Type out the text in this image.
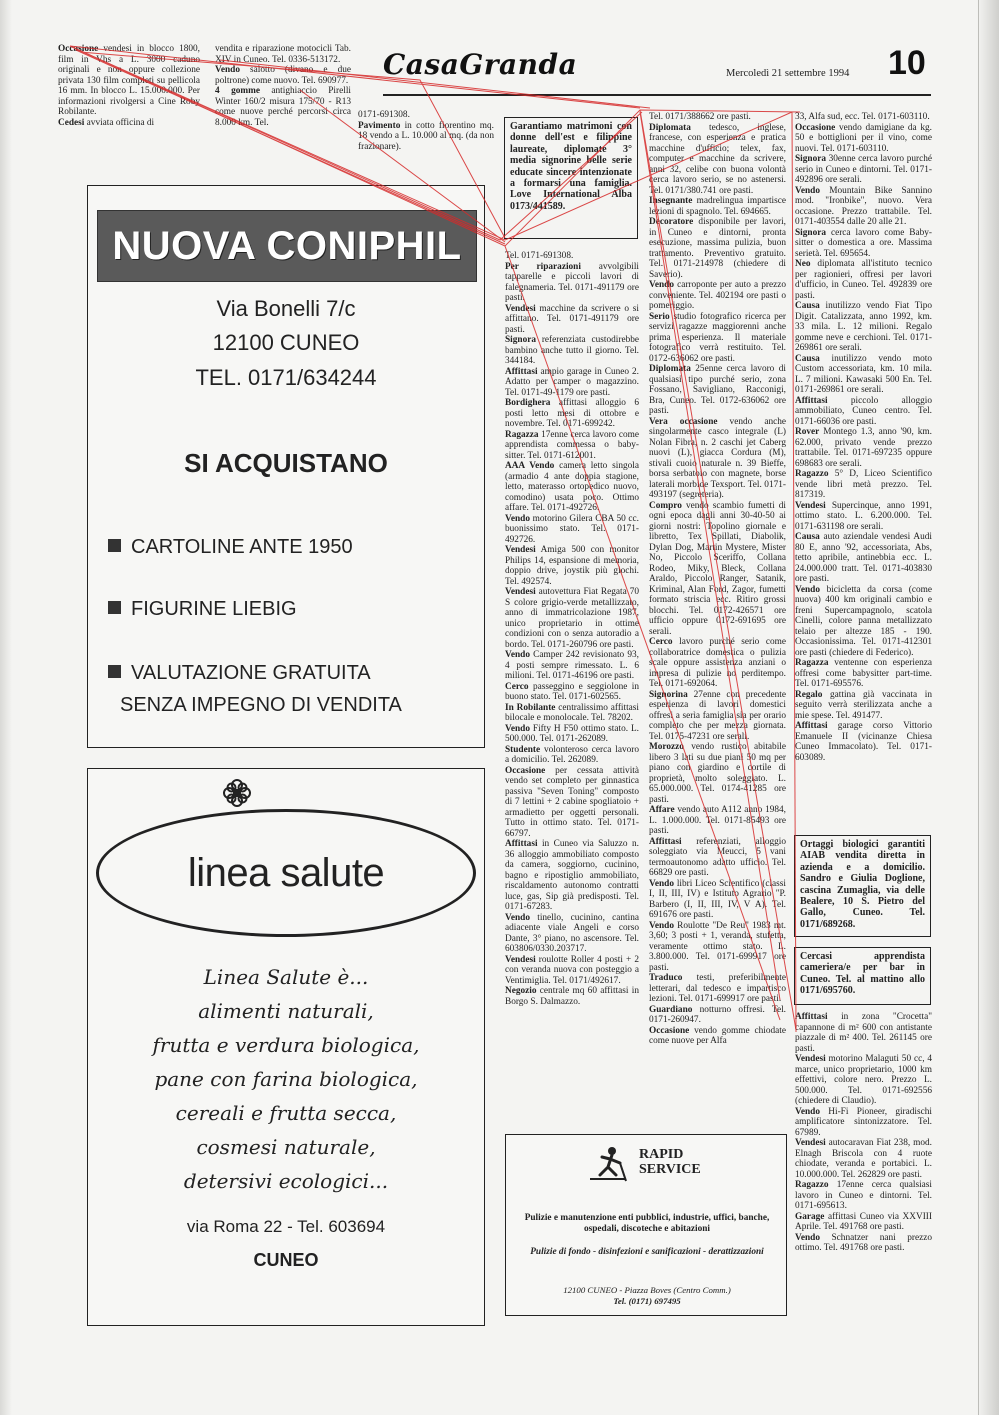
Occasione vendesi in blocco 1800, film in Vhs a L. 3000 caduno originali e non oppure collezione privata 130 film completi su pellicola 16 mm. In blocco L. 15.000.000. Per informazioni rivolgersi a Cine Roby Robilante.

Cedesi avviata officina di

vendita e riparazione motocicli Tab. XIV in Cuneo. Tel. 0336-513172.

Vendo salotto (divano e due poltrone) come nuovo. Tel. 690977.

4 gomme antighiaccio Pirelli Winter 160/2 misura 175/70 - R13 come nuove perché percorsi circa 8.000 km. Tel.

0171-691308.

Pavimento in cotto fiorentino mq. 18 vendo a L. 10.000 al mq. (da non frazionare).

CasaGranda	Mercoledì 21 settembre 1994 10
NUOVA CONIPHIL
Via Bonelli 7/c
12100 CUNEO
TEL. 0171/634244
SI ACQUISTANO
CARTOLINE ANTE 1950
FIGURINE LIEBIG
VALUTAZIONE GRATUITA
SENZA IMPEGNO DI VENDITA
linea salute
Linea Salute è...
alimenti naturali,
frutta e verdura biologica,
pane con farina biologica,
cereali e frutta secca,
cosmesi naturale,
detersivi ecologici...
via Roma 22 - Tel. 603694
CUNEO
Garantiamo matrimoni con donne dell'est e filippine laureate, diplomate 3° media signorine belle serie educate sincere intenzionate a formarsi una famiglia. Love International Alba 0173/441589.

Tel. 0171-691308.

Per riparazioni avvolgibili tapparelle e piccoli lavori di falegnameria. Tel. 0171-491179 ore pasti.

Vendesi macchine da scrivere o si affittano. Tel. 0171-491179 ore pasti.

Signora referenziata custodirebbe bambino anche tutto il giorno. Tel. 344184.

Affittasi ampio garage in Cuneo 2. Adatto per camper o magazzino. Tel. 0171-49-1179 ore pasti.

Bordighera affittasi alloggio 6 posti letto mesi di ottobre e novembre. Tel. 0171-699242.

Ragazza 17enne cerca lavoro come apprendista commessa o baby-sitter. Tel. 0171-612001.

AAA Vendo camera letto singola (armadio 4 ante doppia stagione, letto, materasso ortopedico nuovo, comodino) usata poco. Ottimo affare. Tel. 0171-492726.

Vendo motorino Gilera CBA 50 cc. buonissimo stato. Tel. 0171-492726.

Vendesi Amiga 500 con monitor Philips 14, espansione di memoria, doppio drive, joystik più giochi. Tel. 492574.

Vendesi autovettura Fiat Regata 70 S colore grigio-verde metallizzato, anno di immatricolazione 1987, unico proprietario in ottime condizioni con o senza autoradio a bordo. Tel. 0171-260796 ore pasti.

Vendo Camper 242 revisionato 93, 4 posti sempre rimessato. L. 6 milioni. Tel. 0171-46196 ore pasti.

Cerco passeggino e seggiolone in buono stato. Tel. 0171-602565.

In Robilante centralissimo affittasi bilocale e monolocale. Tel. 78202.

Vendo Fifty H F50 ottimo stato. L. 500.000. Tel. 0171-262089.

Studente volonteroso cerca lavoro a domicilio. Tel. 262089.

Occasione per cessata attività vendo set completo per ginnastica passiva "Seven Toning" composto di 7 lettini + 2 cabine spogliatoio + armadietto per oggetti personali. Tutto in ottimo stato. Tel. 0171-66797.

Affittasi in Cuneo via Saluzzo n. 36 alloggio ammobiliato composto da camera, soggiorno, cucinino, bagno e ripostiglio ammobiliato, riscaldamento autonomo contratti luce, gas, Sip già predisposti. Tel. 0171-67283.

Vendo tinello, cucinino, cantina adiacente viale Angeli e corso Dante, 3° piano, no ascensore. Tel. 603806/0330.203717.

Vendesi roulotte Roller 4 posti + 2 con veranda nuova con posteggio a Ventimiglia. Tel. 0171/492617.

Negozio centrale mq 60 affittasi in Borgo S. Dalmazzo.

Tel. 0171/388662 ore pasti.

Diplomata tedesco, inglese, francese, con esperienza e pratica macchine d'ufficio; telex, fax, computer e macchine da scrivere, anni 32, celibe con buona volontà cerca lavoro serio, se no astenersi. Tel. 0171/380.741 ore pasti.

Insegnante madrelingua impartisce lezioni di spagnolo. Tel. 694665.

Decoratore disponibile per lavori, in Cuneo e dintorni, pronta esecuzione, massima pulizia, buon trattamento. Preventivo gratuito. Tel. 0171-214978 (chiedere di Saverio).

Vendo carroponte per auto a prezzo conveniente. Tel. 402194 ore pasti o pomeriggio.

Serio studio fotografico ricerca per servizi ragazze maggiorenni anche prima esperienza. Il materiale fotografico verrà restituito. Tel. 0172-636062 ore pasti.

Diplomata 25enne cerca lavoro di qualsiasi tipo purché serio, zona Fossano, Savigliano, Racconigi, Bra, Cuneo. Tel. 0172-636062 ore pasti.

Vera occasione vendo anche singolarmente casco integrale (L) Nolan Fibra, n. 2 caschi jet Caberg nuovi (L), giacca Cordura (M), stivali cuoio naturale n. 39 Bieffe, borsa serbatoio con magnete, borse laterali morbide Texsport. Tel. 0171-493197 (segreteria).

Compro vendo scambio fumetti di ogni epoca dagli anni 30-40-50 ai giorni nostri: Topolino giornale e libretto, Tex Spillati, Diabolik, Dylan Dog, Martin Mystere, Mister No, Piccolo Sceriffo, Collana Rodeo, Miky, Bleck, Collana Araldo, Piccolo Ranger, Satanik, Kriminal, Alan Ford, Zagor, fumetti formato striscia ecc. Ritiro grossi blocchi. Tel. 0172-426571 ore ufficio oppure 0172-691695 ore serali.

Cerco lavoro purché serio come collaboratrice domestica o pulizia scale oppure assistenza anziani o impresa di pulizie no perditempo. Tel. 0171-692064.

Signorina 27enne con precedente esperienza di lavori domestici offresi a serìa famiglia sia per orario completo che per mezza giornata. Tel. 0175-47231 ore serali.

Morozzo vendo rustico abitabile libero 3 lati su due piani 50 mq per piano con giardino e cortile di proprietà, molto soleggiato. L. 65.000.000. Tel. 0174-41285 ore pasti.

Affare vendo auto A112 anno 1984, L. 1.000.000. Tel. 0171-85493 ore pasti.

Affittasi referenziati, alloggio soleggiato via Meucci, 5 vani termoautonomo adatto ufficio. Tel. 66829 ore pasti.

Vendo libri Liceo Scientifico (classi I, II, III, IV) e Istituto Agrario "P. Barbero (I, II, III, IV, V A). Tel. 691676 ore pasti.

Vendo Roulotte "De Reu" 1983 mt. 3,60; 3 posti + 1, veranda, stufetta, veramente ottimo stato. L. 3.800.000. Tel. 0171-699917 ore pasti.

Traduco testi, preferibilmente letterari, dal tedesco e impartisco lezioni. Tel. 0171-699917 ore pasti.

Guardiano notturno offresi. Tel. 0171-260947.

Occasione vendo gomme chiodate come nuove per Alfa

33, Alfa sud, ecc. Tel. 0171-603110.

Occasione vendo damigiane da kg. 50 e bottiglioni per il vino, come nuovi. Tel. 0171-603110.

Signora 30enne cerca lavoro purché serio in Cuneo e dintorni. Tel. 0171-492896 ore serali.

Vendo Mountain Bike Sannino mod. "Ironbike", nuovo. Vera occasione. Prezzo trattabile. Tel. 0171-403554 dalle 20 alle 21.

Signora cerca lavoro come Baby-sitter o domestica a ore. Massima serietà. Tel. 695654.

Neo diplomata all'istituto tecnico per ragionieri, offresi per lavori d'ufficio, in Cuneo. Tel. 492839 ore pasti.

Causa inutilizzo vendo Fiat Tipo Digit. Catalizzata, anno 1992, km. 33 mila. L. 12 milioni. Regalo gomme neve e cerchioni. Tel. 0171-269861 ore serali.

Causa inutilizzo vendo moto Custom accessoriata, km. 10 mila. L. 7 milioni. Kawasaki 500 En. Tel. 0171-269861 ore serali.

Affittasi piccolo alloggio ammobiliato, Cuneo centro. Tel. 0171-66036 ore pasti.

Rover Montego 1.3, anno '90, km. 62.000, privato vende prezzo trattabile. Tel. 0171-697235 oppure 698683 ore serali.

Ragazzo 5° D, Liceo Scientifico vende libri metà prezzo. Tel. 817319.

Vendesi Supercinque, anno 1991, ottimo stato. L. 6.200.000. Tel. 0171-631198 ore serali.

Causa auto aziendale vendesi Audi 80 E, anno '92, accessoriata, Abs, tetto apribile, antinebbia ecc. L. 24.000.000 tratt. Tel. 0171-403830 ore pasti.

Vendo bicicletta da corsa (come nuova) 400 km originali cambio e freni Supercampagnolo, scatola Cinelli, colore panna metallizzato telaio per altezze 185 - 190. Occasionissima. Tel. 0171-412301 ore pasti (chiedere di Federico).

Ragazza ventenne con esperienza offresi come babysitter part-time. Tel. 0171-695576.

Regalo gattina già vaccinata in seguito verrà sterilizzata anche a mie spese. Tel. 491477.

Affittasi garage corso Vittorio Emanuele II (vicinanze Chiesa Cuneo Immacolato). Tel. 0171-603089.

Ortaggi biologici garantiti AIAB vendita diretta in azienda e a domicilio. Sandro e Giulia Doglione, cascina Zumaglia, via delle Bealere, 10 S. Pietro del Gallo, Cuneo. Tel. 0171/689268.
Cercasi apprendista cameriera/e per bar in Cuneo. Tel. al mattino allo 0171/695760.

Affittasi in zona "Crocetta" capannone di m² 600 con antistante piazzale di m² 400. Tel. 261145 ore pasti.

Vendesi motorino Malaguti 50 cc, 4 marce, unico proprietario, 1000 km effettivi, colore nero. Prezzo L. 500.000. Tel. 0171-692556 (chiedere di Claudio).

Vendo Hi-Fi Pioneer, giradischi amplificatore sintonizzatore. Tel. 67989.

Vendesi autocaravan Fiat 238, mod. Elnagh Briscola con 4 ruote chiodate, veranda e portabici. L. 10.000.000. Tel. 262829 ore pasti.

Ragazzo 17enne cerca qualsiasi lavoro in Cuneo e dintorni. Tel. 0171-695613.

Garage affittasi Cuneo via XXVIII Aprile. Tel. 491768 ore pasti.

Vendo Schnatzer nani prezzo ottimo. Tel. 491768 ore pasti.

RAPID
SERVICE
Pulizie e manutenzione enti pubblici, industrie, uffici, banche, ospedali, discoteche e abitazioni
Pulizie di fondo - disinfezioni e sanificazioni - derattizzazioni
12100 CUNEO - Piazza Boves (Centro Comm.)
Tel. (0171) 697495
